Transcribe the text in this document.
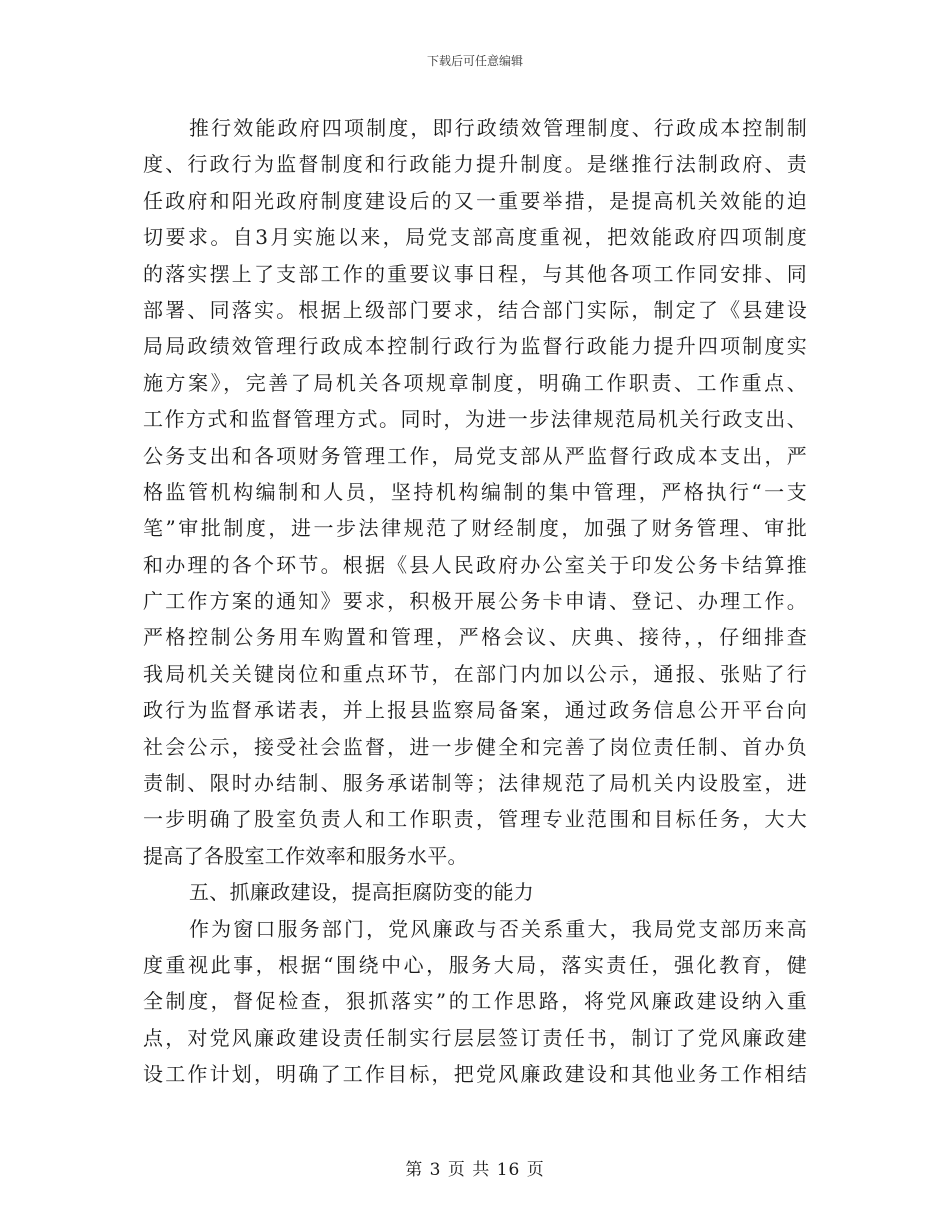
下载后可任意编辑
推行效能政府四项制度，即行政绩效管理制度、行政成本控制制
度、行政行为监督制度和行政能力提升制度。是继推行法制政府、责
任政府和阳光政府制度建设后的又一重要举措，是提高机关效能的迫
切要求。自3月实施以来，局党支部高度重视，把效能政府四项制度
的落实摆上了支部工作的重要议事日程，与其他各项工作同安排、同
部署、同落实。根据上级部门要求，结合部门实际，制定了《县建设
局局政绩效管理行政成本控制行政行为监督行政能力提升四项制度实
施方案》，完善了局机关各项规章制度，明确工作职责、工作重点、
工作方式和监督管理方式。同时，为进一步法律规范局机关行政支出、
公务支出和各项财务管理工作，局党支部从严监督行政成本支出，严
格监管机构编制和人员，坚持机构编制的集中管理，严格执行“一支
笔”审批制度，进一步法律规范了财经制度，加强了财务管理、审批
和办理的各个环节。根据《县人民政府办公室关于印发公务卡结算推
广工作方案的通知》要求，积极开展公务卡申请、登记、办理工作。
严格控制公务用车购置和管理，严格会议、庆典、接待，，仔细排查
我局机关关键岗位和重点环节，在部门内加以公示，通报、张贴了行
政行为监督承诺表，并上报县监察局备案，通过政务信息公开平台向
社会公示，接受社会监督，进一步健全和完善了岗位责任制、首办负
责制、限时办结制、服务承诺制等；法律规范了局机关内设股室，进
一步明确了股室负责人和工作职责，管理专业范围和目标任务，大大
提高了各股室工作效率和服务水平。
五、抓廉政建设，提高拒腐防变的能力
作为窗口服务部门，党风廉政与否关系重大，我局党支部历来高
度重视此事，根据“围绕中心，服务大局，落实责任，强化教育，健
全制度，督促检查，狠抓落实”的工作思路，将党风廉政建设纳入重
点，对党风廉政建设责任制实行层层签订责任书，制订了党风廉政建
设工作计划，明确了工作目标，把党风廉政建设和其他业务工作相结
第 3 页 共 16 页
